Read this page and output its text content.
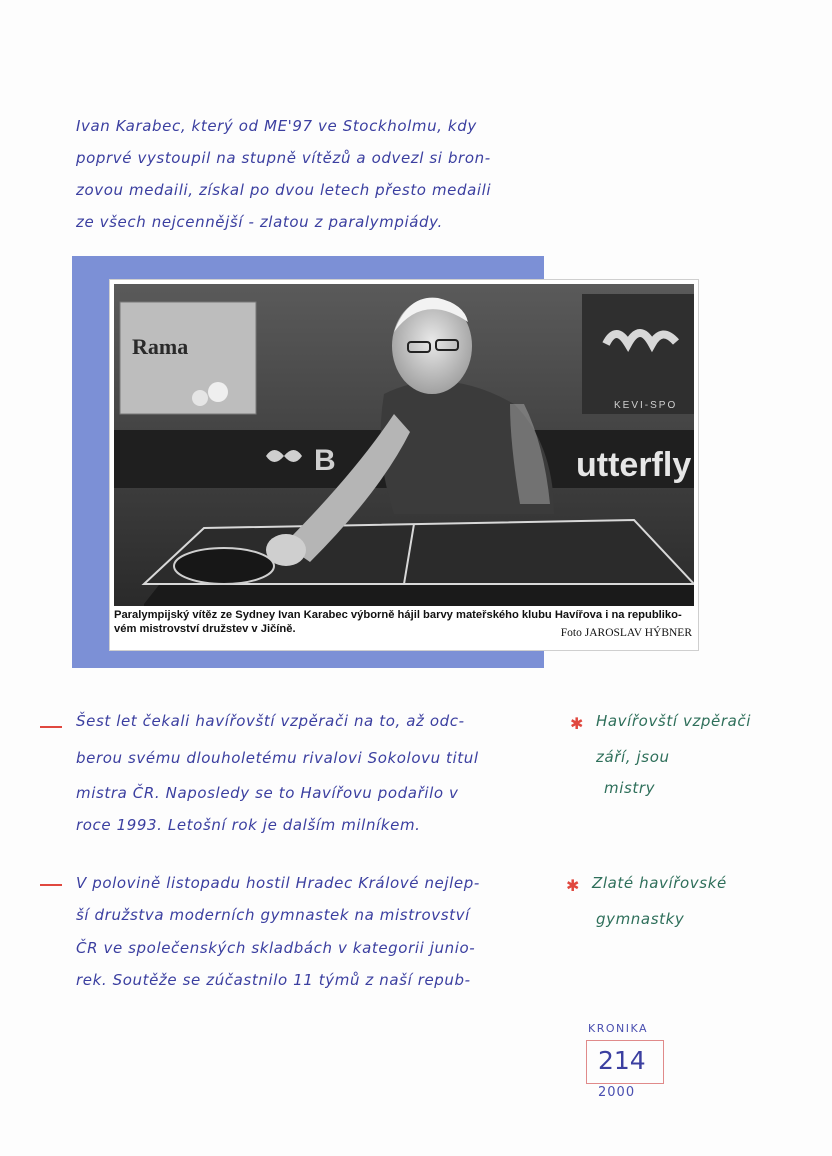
Ivan Karabec, který od ME'97 ve Stockholmu, kdy
poprvé vystoupil na stupně vítězů a odvezl si bron-
zovou medaili, získal po dvou letech přesto medaili
ze všech nejcennější - zlatou z paralympiády.
Rama
KEVI-SPO
B	utterfly
Paralympijský vítěz ze Sydney Ivan Karabec výborně hájil barvy mateřského klubu Havířova i na republiko-
vém mistrovství družstev v Jičíně.	Foto JAROSLAV HÝBNER
Šest let čekali havířovští vzpěrači na to, až odc-
berou svému dlouholetému rivalovi Sokolovu titul
mistra ČR. Naposledy se to Havířovu podařilo v
roce 1993. Letošní rok je dalším milníkem.
✱ Havířovští vzpěrači
září, jsou
mistry
V polovině listopadu hostil Hradec Králové nejlep-
ší družstva moderních gymnastek na mistrovství
ČR ve společenských skladbách v kategorii junio-
rek. Soutěže se zúčastnilo 11 týmů z naší repub-
✱ Zlaté havířovské
gymnastky
KRONIKA
214
2000
